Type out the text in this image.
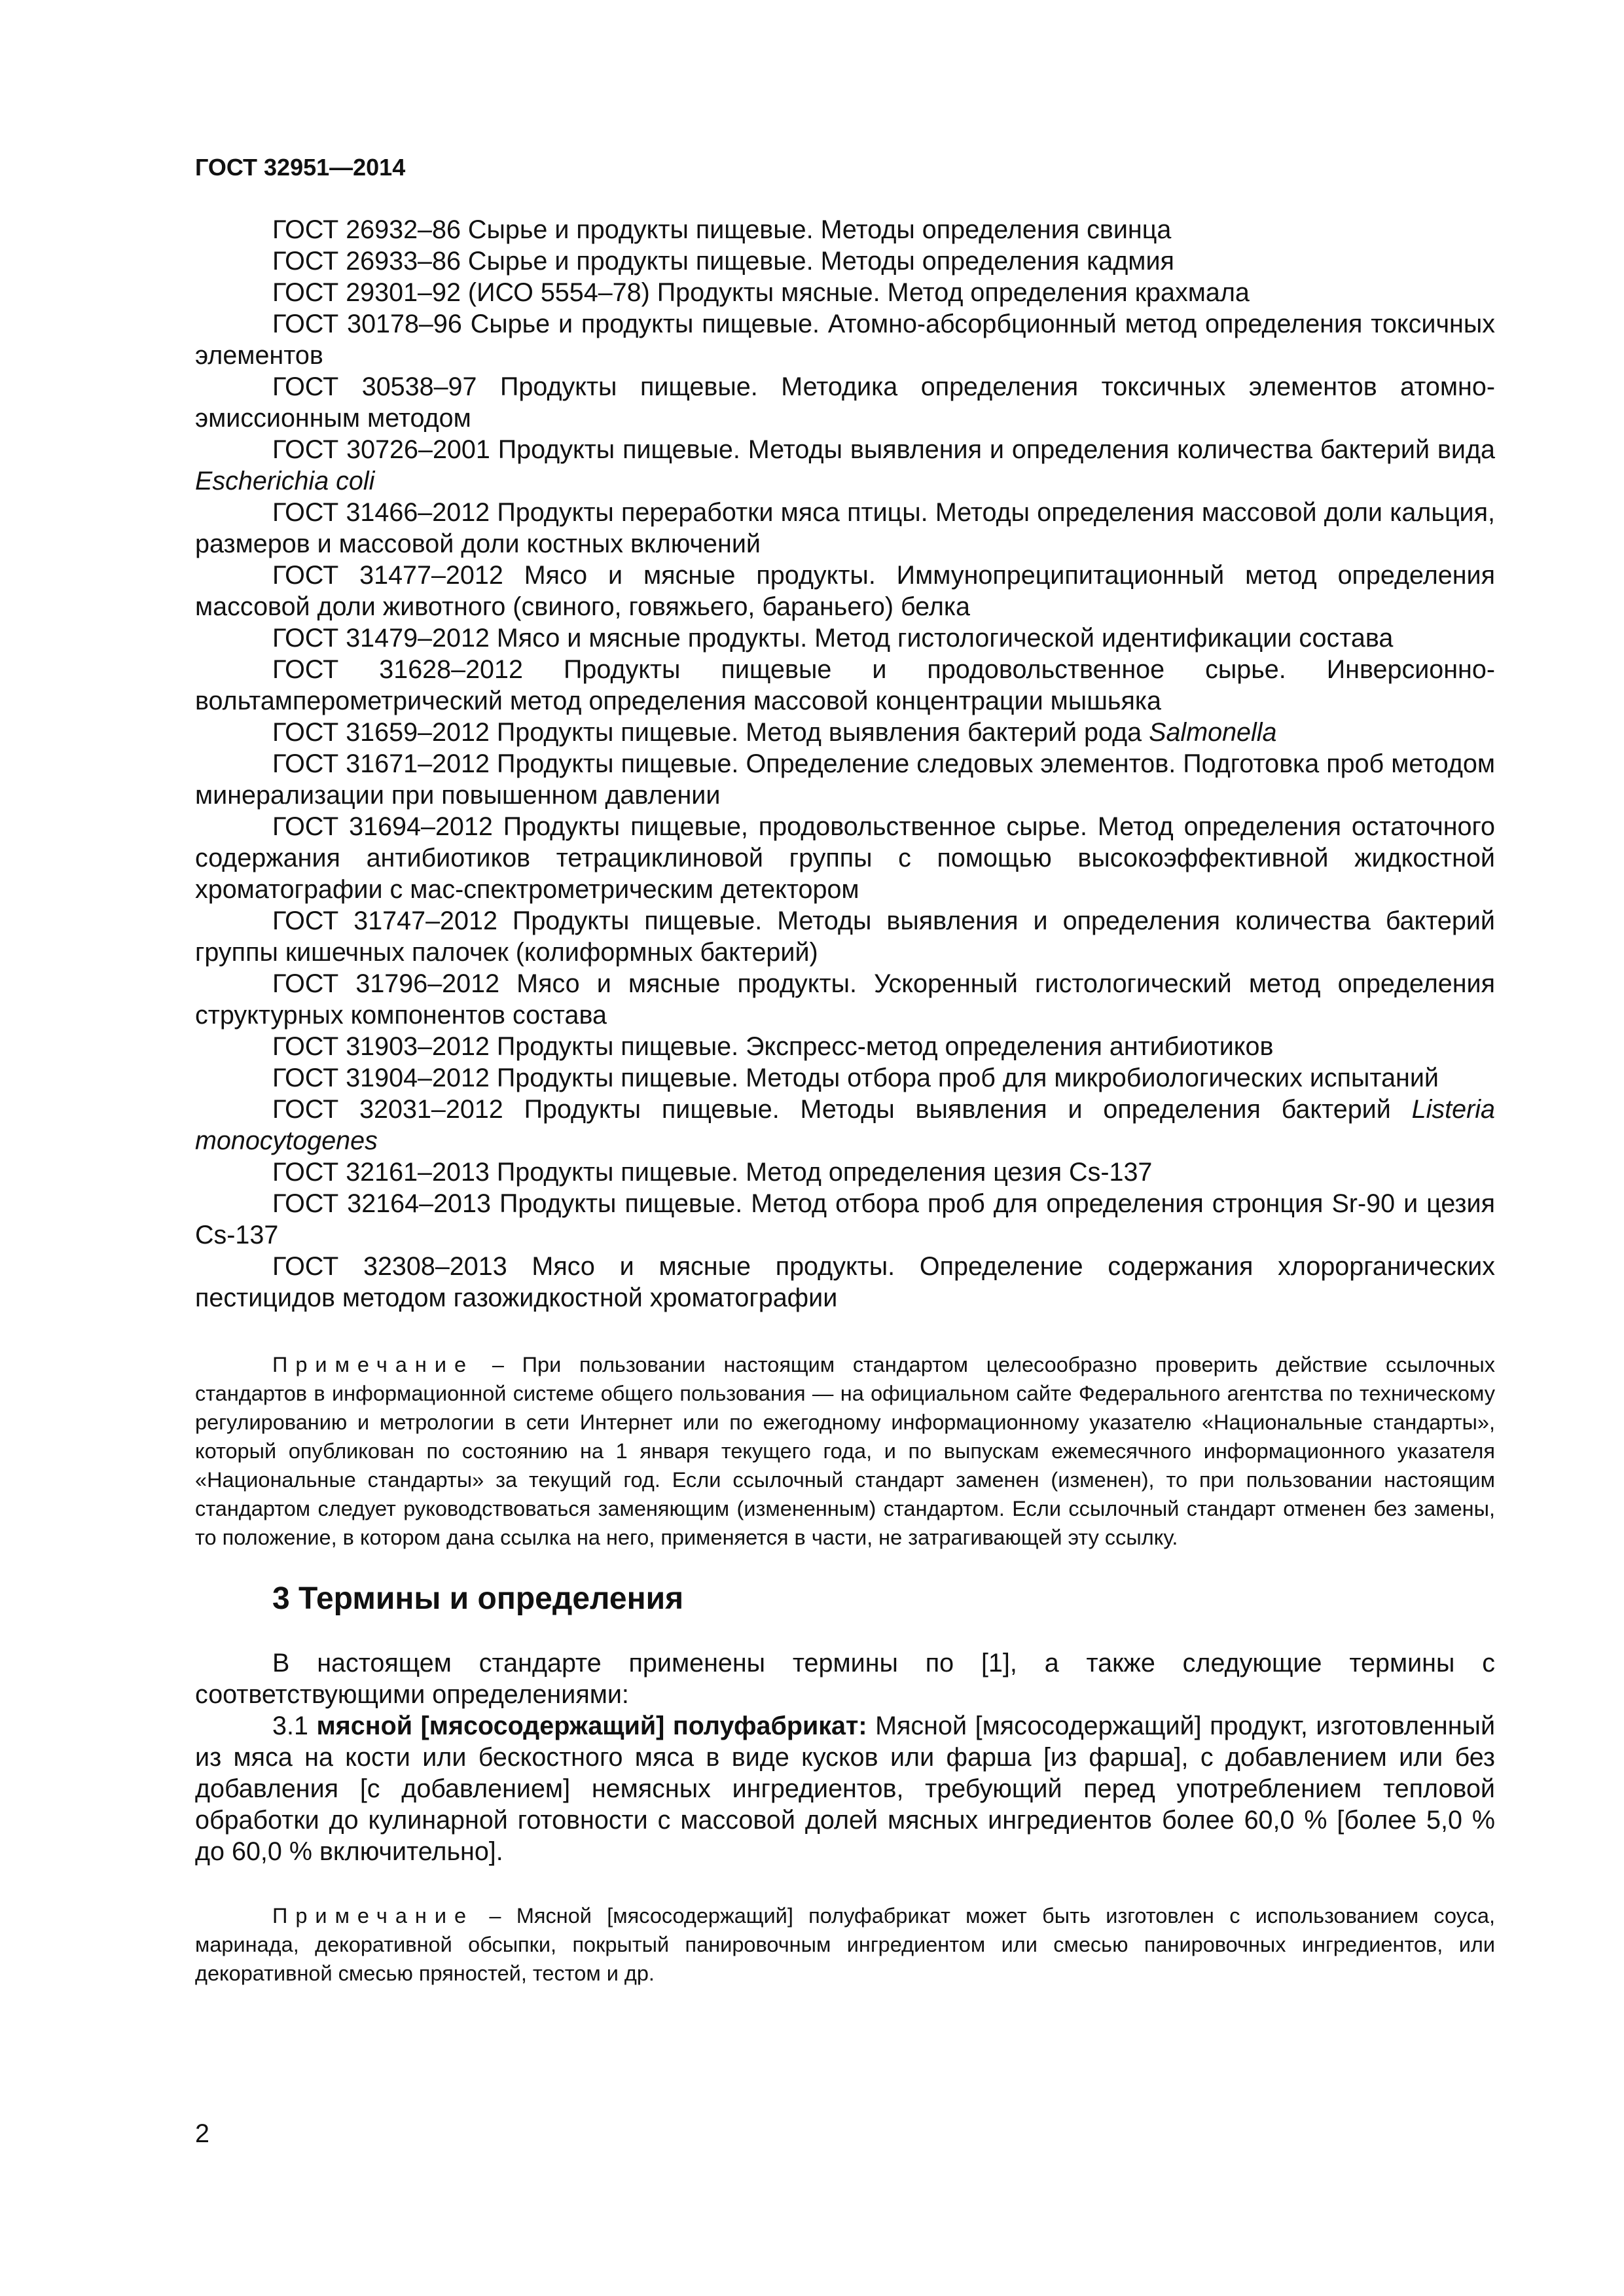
ГОСТ 32951—2014

ГОСТ 26932–86 Сырье и продукты пищевые. Методы определения свинца

ГОСТ 26933–86 Сырье и продукты пищевые. Методы определения кадмия

ГОСТ 29301–92 (ИСО 5554–78) Продукты мясные. Метод определения крахмала

ГОСТ 30178–96 Сырье и продукты пищевые. Атомно-абсорбционный метод определения токсичных элементов

ГОСТ 30538–97 Продукты пищевые. Методика определения токсичных элементов атомно-эмиссионным методом

ГОСТ 30726–2001 Продукты пищевые. Методы выявления и определения количества бактерий вида Escherichia coli

ГОСТ 31466–2012 Продукты переработки мяса птицы. Методы определения массовой доли кальция, размеров и массовой доли костных включений

ГОСТ 31477–2012 Мясо и мясные продукты. Иммунопреципитационный метод определения массовой доли животного (свиного, говяжьего, бараньего) белка

ГОСТ 31479–2012 Мясо и мясные продукты. Метод гистологической идентификации состава

ГОСТ 31628–2012 Продукты пищевые и продовольственное сырье. Инверсионно-вольтамперометрический метод определения массовой концентрации мышьяка

ГОСТ 31659–2012 Продукты пищевые. Метод выявления бактерий рода Salmonella

ГОСТ 31671–2012 Продукты пищевые. Определение следовых элементов. Подготовка проб методом минерализации при повышенном давлении

ГОСТ 31694–2012 Продукты пищевые, продовольственное сырье. Метод определения остаточного содержания антибиотиков тетрациклиновой группы с помощью высокоэффективной жидкостной хроматографии с мас-спектрометрическим детектором

ГОСТ 31747–2012 Продукты пищевые. Методы выявления и определения количества бактерий группы кишечных палочек (колиформных бактерий)

ГОСТ 31796–2012 Мясо и мясные продукты. Ускоренный гистологический метод определения структурных компонентов состава

ГОСТ 31903–2012 Продукты пищевые. Экспресс-метод определения антибиотиков

ГОСТ 31904–2012 Продукты пищевые. Методы отбора проб для микробиологических испытаний

ГОСТ 32031–2012 Продукты пищевые. Методы выявления и определения бактерий Listeria monocytogenes

ГОСТ 32161–2013 Продукты пищевые. Метод определения цезия Cs-137

ГОСТ 32164–2013 Продукты пищевые. Метод отбора проб для определения стронция Sr-90 и цезия Cs-137

ГОСТ 32308–2013 Мясо и мясные продукты. Определение содержания хлорорганических пестицидов методом газожидкостной хроматографии

Примечание – При пользовании настоящим стандартом целесообразно проверить действие ссылочных стандартов в информационной системе общего пользования — на официальном сайте Федерального агентства по техническому регулированию и метрологии в сети Интернет или по ежегодному информационному указателю «Национальные стандарты», который опубликован по состоянию на 1 января текущего года, и по выпускам ежемесячного информационного указателя «Национальные стандарты» за текущий год. Если ссылочный стандарт заменен (изменен), то при пользовании настоящим стандартом следует руководствоваться заменяющим (измененным) стандартом. Если ссылочный стандарт отменен без замены, то положение, в котором дана ссылка на него, применяется в части, не затрагивающей эту ссылку.

3 Термины и определения

В настоящем стандарте применены термины по [1], а также следующие термины с соответствующими определениями:

3.1 мясной [мясосодержащий] полуфабрикат: Мясной [мясосодержащий] продукт, изготовленный из мяса на кости или бескостного мяса в виде кусков или фарша [из фарша], с добавлением или без добавления [с добавлением] немясных ингредиентов, требующий перед употреблением тепловой обработки до кулинарной готовности с массовой долей мясных ингредиентов более 60,0 % [более 5,0 % до 60,0 % включительно].

Примечание – Мясной [мясосодержащий] полуфабрикат может быть изготовлен с использованием соуса, маринада, декоративной обсыпки, покрытый панировочным ингредиентом или смесью панировочных ингредиентов, или декоративной смесью пряностей, тестом и др.

2
